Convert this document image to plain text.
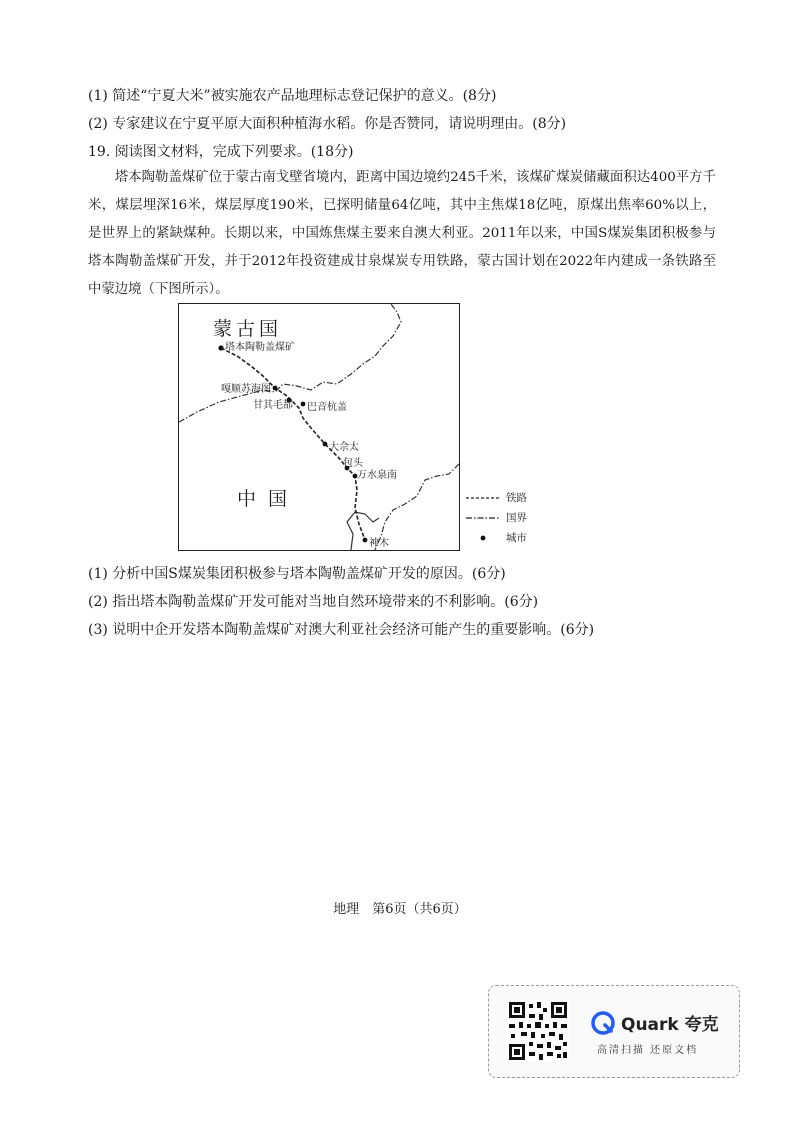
(1) 简述“宁夏大米”被实施农产品地理标志登记保护的意义。(8分)
(2) 专家建议在宁夏平原大面积种植海水稻。你是否赞同，请说明理由。(8分)
19. 阅读图文材料，完成下列要求。(18分)
塔本陶勒盖煤矿位于蒙古南戈壁省境内，距离中国边境约245千米，该煤矿煤炭储藏面积达400平方千米，煤层埋深16米，煤层厚度190米，已探明储量64亿吨，其中主焦煤18亿吨，原煤出焦率60%以上，是世界上的紧缺煤种。长期以来，中国炼焦煤主要来自澳大利亚。2011年以来，中国S煤炭集团积极参与塔本陶勒盖煤矿开发，并于2012年投资建成甘泉煤炭专用铁路，蒙古国计划在2022年内建成一条铁路至中蒙边境（下图所示）。
蒙古国
中国
塔本陶勒盖煤矿
嘎顺苏海图
甘其毛都 巴音杭盖
大佘太
包头
万水泉南
神木
铁路
国界
城市
(1) 分析中国S煤炭集团积极参与塔本陶勒盖煤矿开发的原因。(6分)
(2) 指出塔本陶勒盖煤矿开发可能对当地自然环境带来的不利影响。(6分)
(3) 说明中企开发塔本陶勒盖煤矿对澳大利亚社会经济可能产生的重要影响。(6分)
地理　第6页（共6页）
Quark 夸克
高清扫描 还原文档
